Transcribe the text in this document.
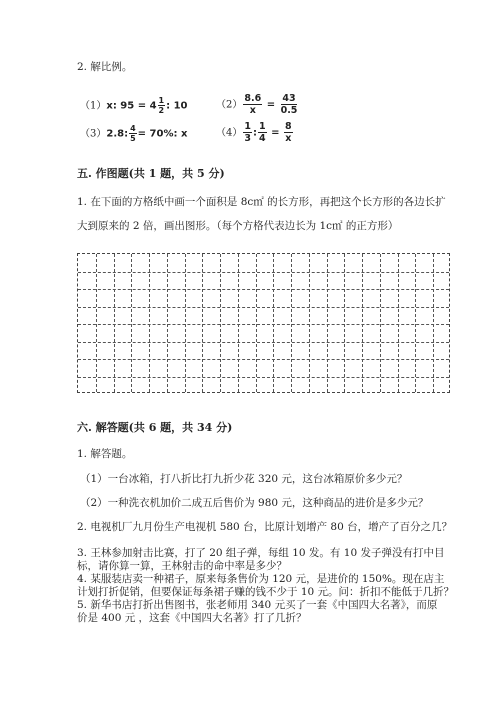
2. 解比例。
（1）x: $95 = 4 \frac{1}{2}$ : 10	$(2) \frac{8.6}{x} = \frac{43}{0.5}$
（3）2.8: $\frac{4}{5} = 70\%$: x	$(4) \frac{1}{3}$ : $\frac{1}{4} = \frac{8}{x}$
五. 作图题(共 1 题，共 5 分)
1. 在下面的方格纸中画一个面积是 8c㎡ 的长方形，再把这个长方形的各边长扩
大到原来的 2 倍，画出图形。（每个方格代表边长为 1c㎡ 的正方形）
六. 解答题(共 6 题，共 34 分)
1. 解答题。
（1）一台冰箱，打八折比打九折少花 320 元，这台冰箱原价多少元？
（2）一种洗衣机加价二成五后售价为 980 元，这种商品的进价是多少元？
2. 电视机厂九月份生产电视机 580 台，比原计划增产 80 台，增产了百分之几？
3. 王林参加射击比赛，打了 20 组子弹，每组 10 发。有 10 发子弹没有打中目
标，请你算一算，王林射击的命中率是多少？
4. 某服装店卖一种裙子，原来每条售价为 120 元，是进价的 150%。现在店主
计划打折促销，但要保证每条裙子赚的钱不少于 10 元。问：折扣不能低于几折？
5. 新华书店打折出售图书，张老师用 340 元买了一套《中国四大名著》，而原
价是 400 元 ，这套《中国四大名著》打了几折？
